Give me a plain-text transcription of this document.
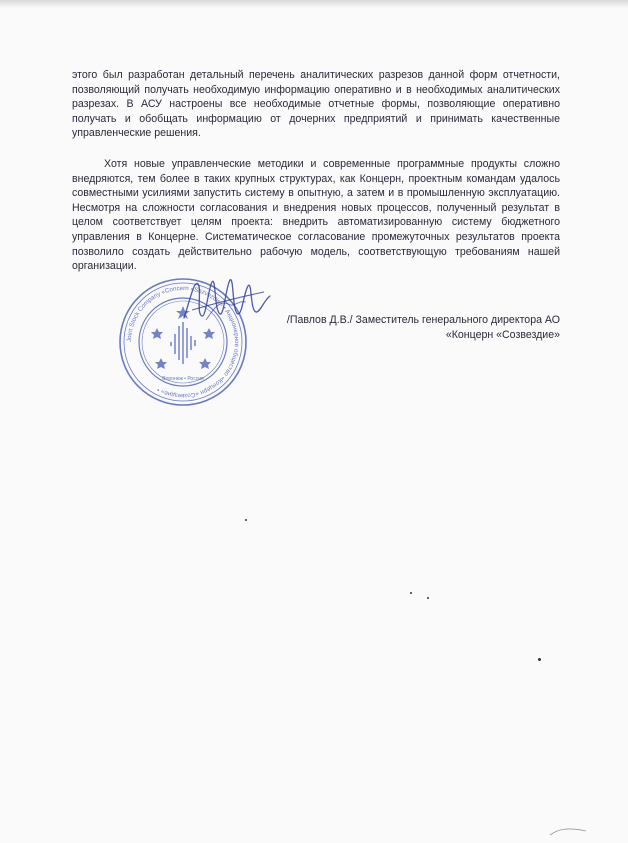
этого был разработан детальный перечень аналитических разрезов данной форм отчетности, позволяющий получать необходимую информацию оперативно и в необходимых аналитических разрезах. В АСУ настроены все необходимые отчетные формы, позволяющие оперативно получать и обобщать информацию от дочерних предприятий и принимать качественные управленческие решения.

Хотя новые управленческие методики и современные программные продукты сложно внедряются, тем более в таких крупных структурах, как Концерн, проектным командам удалось совместными усилиями запустить систему в опытную, а затем и в промышленную эксплуатацию. Несмотря на сложности согласования и внедрения новых процессов, полученный результат в целом соответствует целям проекта: внедрить автоматизированную систему бюджетного управления в Концерне. Систематическое согласование промежуточных результатов проекта позволило создать действительно рабочую модель, соответствующую требованиям нашей организации.

Joint Stock Company «Concern «Sozvezdie» • Акционерное общество «Концерн «Созвездие» •
Воронеж • Россия
/Павлов Д.В./ Заместитель генерального директора АО
«Концерн «Созвездие»
